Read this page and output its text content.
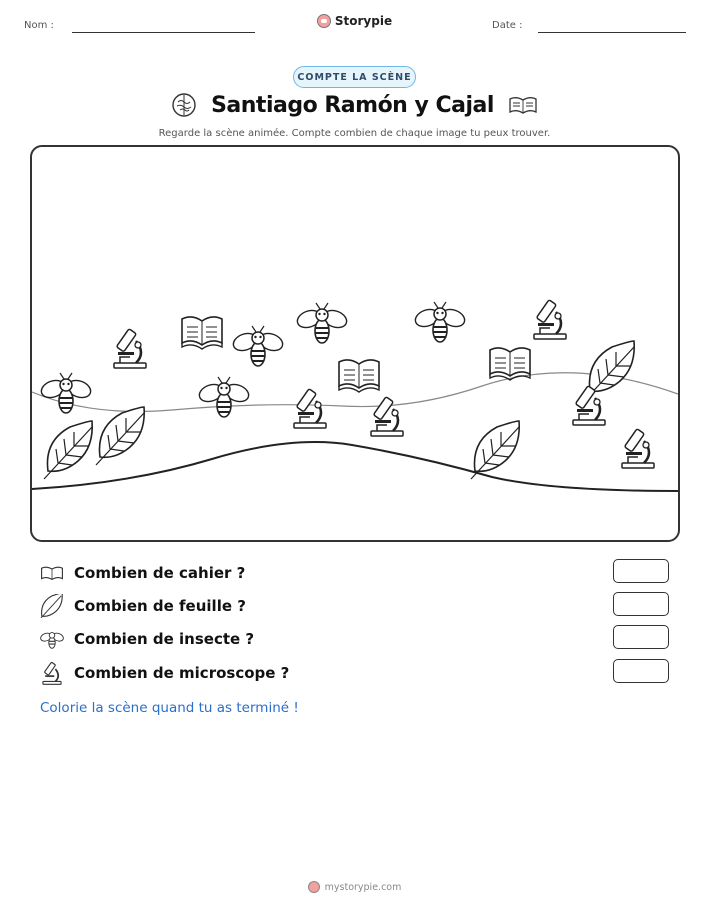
Nom :	Storypie	Date :
COMPTE LA SCÈNE
Santiago Ramón y Cajal
Regarde la scène animée. Compte combien de chaque image tu peux trouver.
Combien de cahier ?
Combien de feuille ?
Combien de insecte ?
Combien de microscope ?
Colorie la scène quand tu as terminé !
mystorypie.com
